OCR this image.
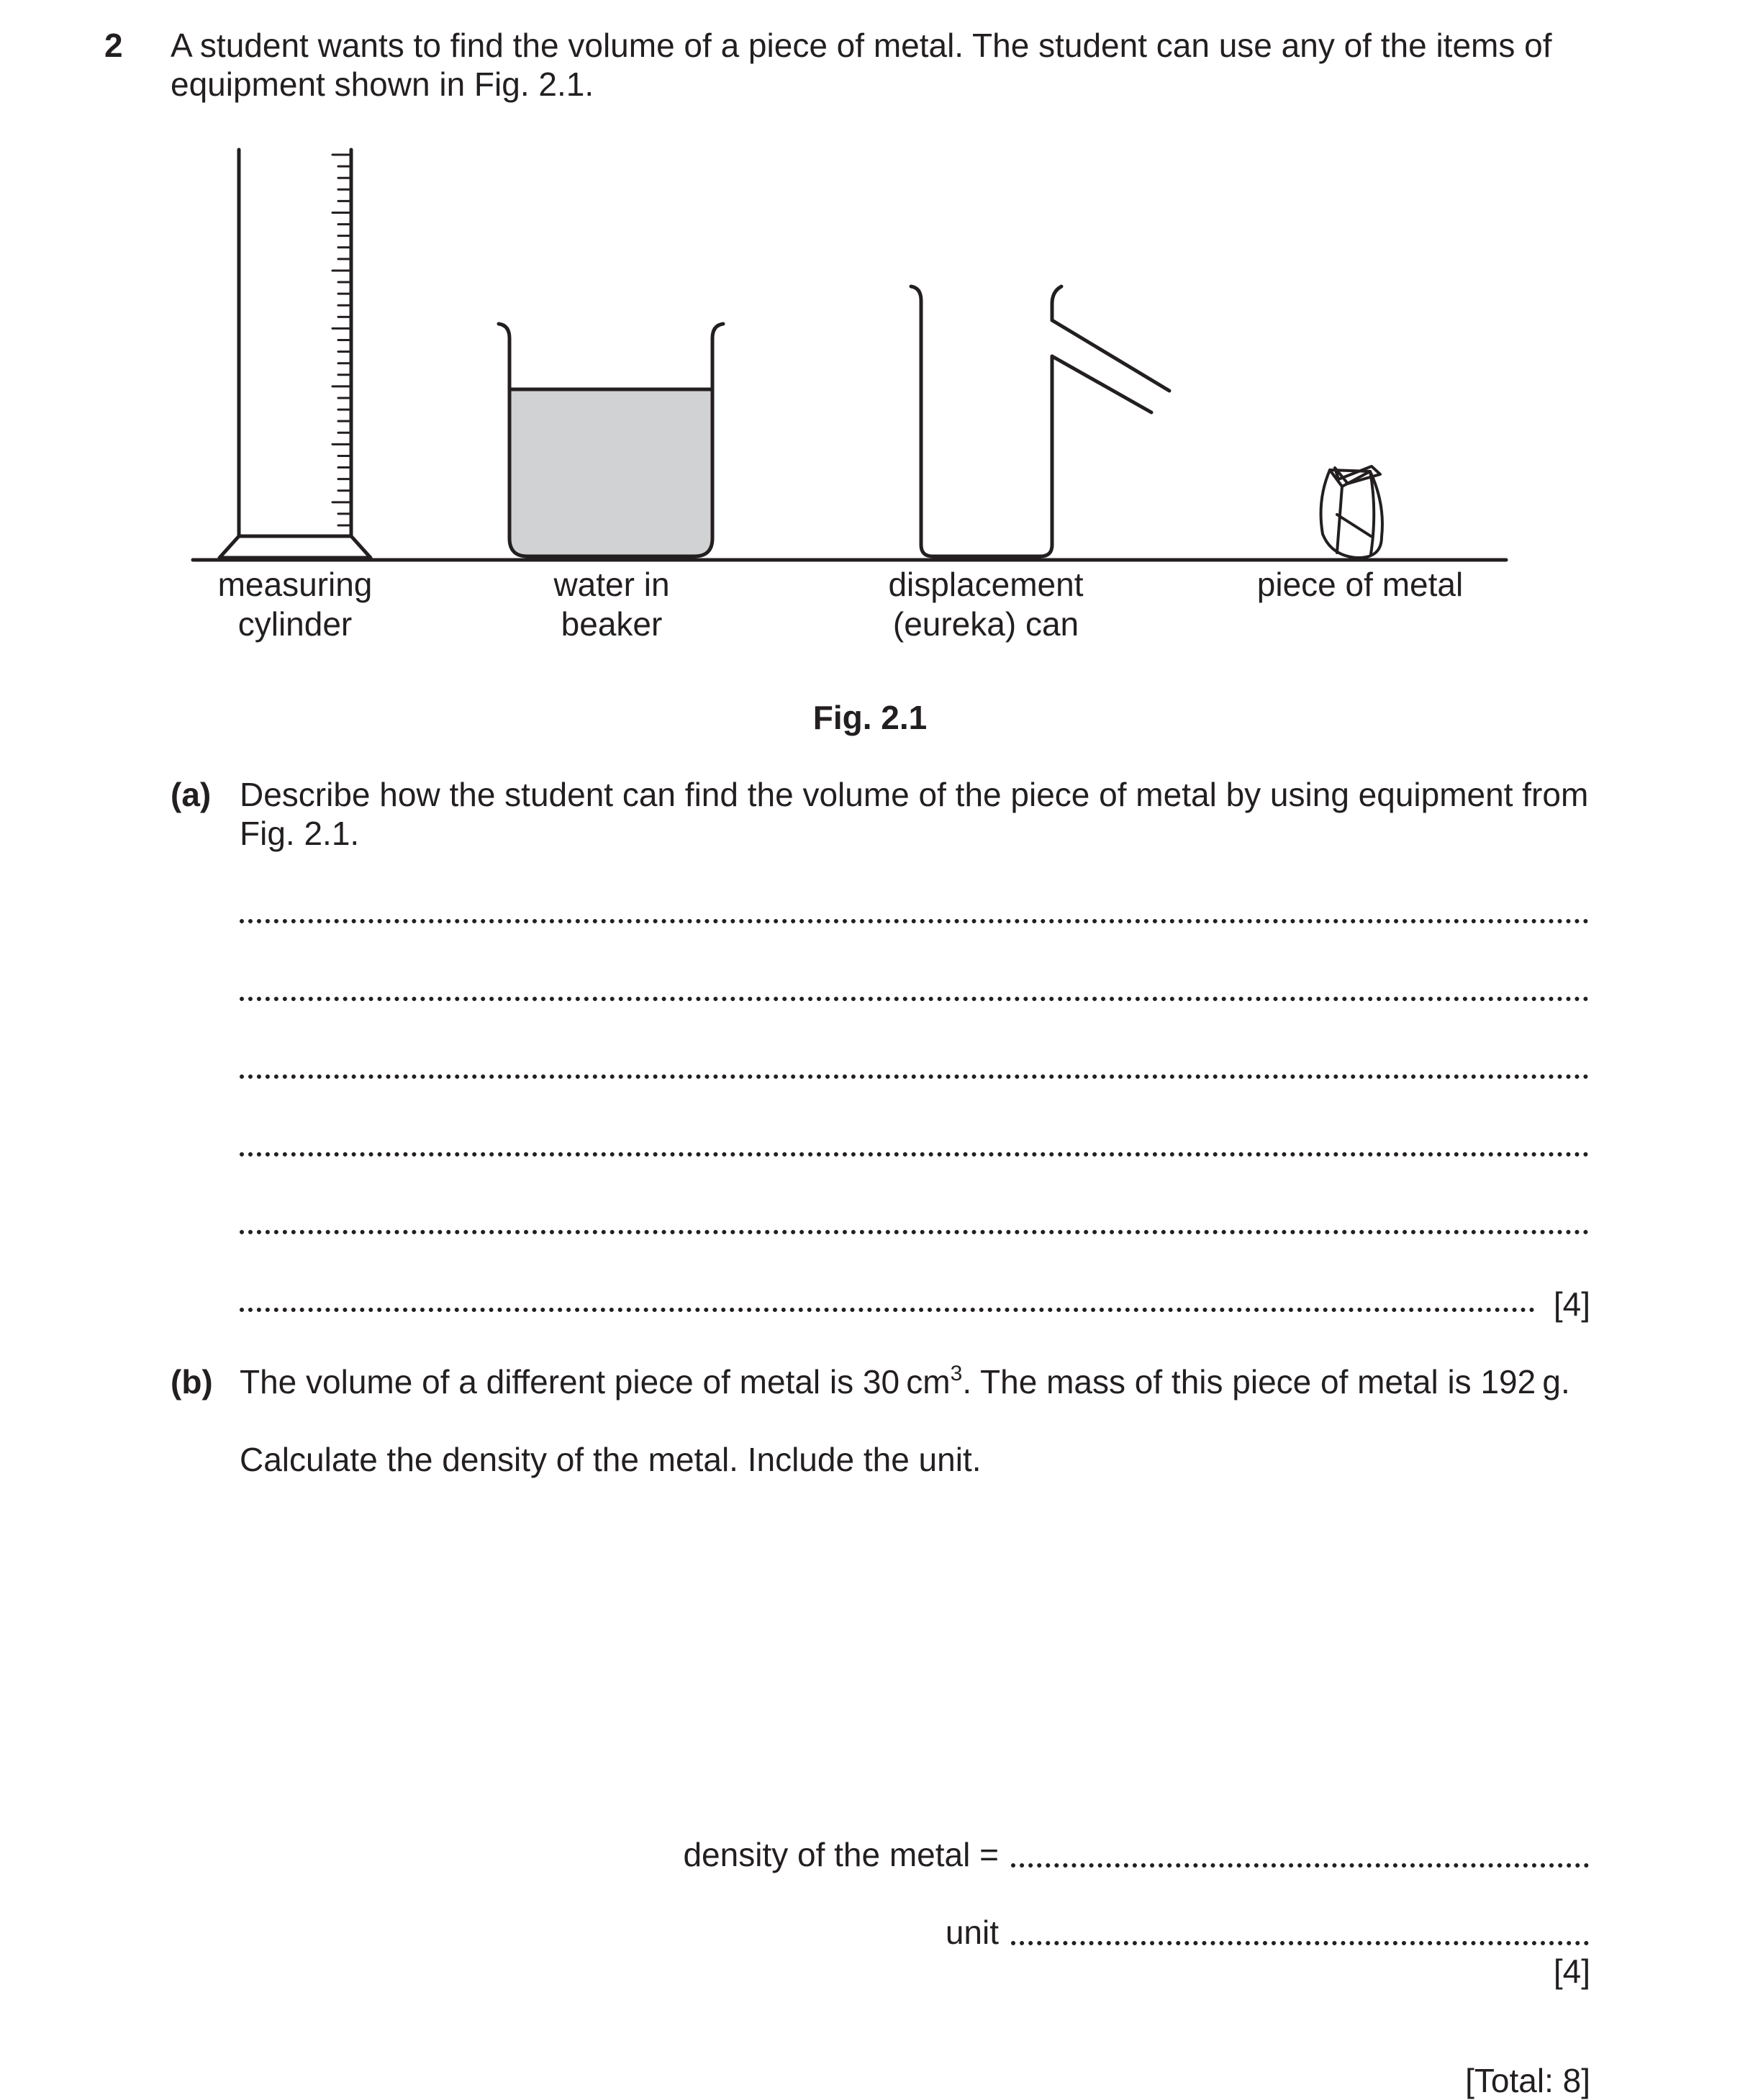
2 A student wants to find the volume of a piece of metal. The student can use any of the items of

equipment shown in Fig. 2.1.

measuring

cylinder

water in

beaker

displacement

(eureka) can

piece of metal

Fig. 2.1

(a) Describe how the student can find the volume of the piece of metal by using equipment from

Fig. 2.1.

[4]

(b) The volume of a different piece of metal is 30 $cm^3$. The mass of this piece of metal is 192 g.

Calculate the density of the metal. Include the unit.

density of the metal =

unit

[4]

[Total: 8]
